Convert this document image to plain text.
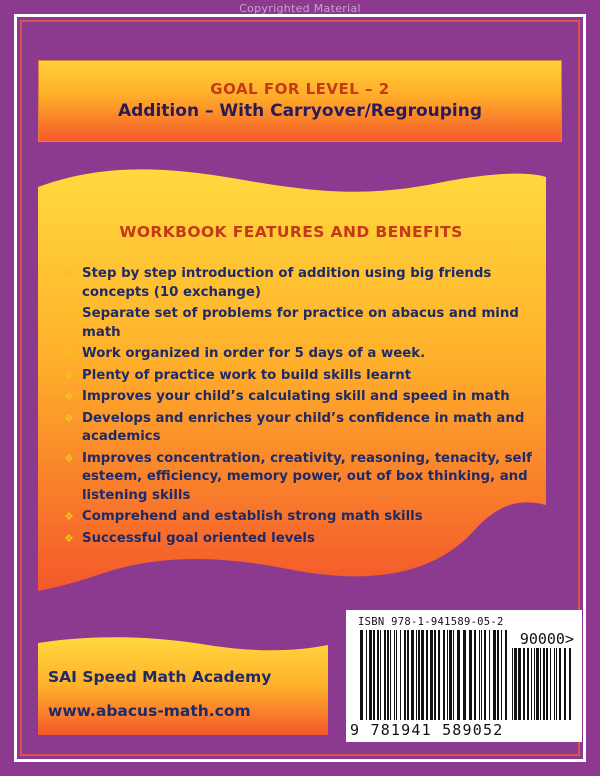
Copyrighted Material
GOAL FOR LEVEL – 2
Addition – With Carryover/Regrouping
WORKBOOK FEATURES AND BENEFITS
❖ Step by step introduction of addition using big friends concepts (10 exchange)
❖ Separate set of problems for practice on abacus and mind math
❖ Work organized in order for 5 days of a week.
❖ Plenty of practice work to build skills learnt
❖ Improves your child’s calculating skill and speed in math
❖ Develops and enriches your child’s confidence in math and academics
❖ Improves concentration, creativity, reasoning, tenacity, self esteem, efficiency, memory power, out of box thinking, and listening skills
❖ Comprehend and establish strong math skills
❖ Successful goal oriented levels
SAI Speed Math Academy
www.abacus-math.com
ISBN 978-1-941589-05-2
90000>
9 781941 589052
